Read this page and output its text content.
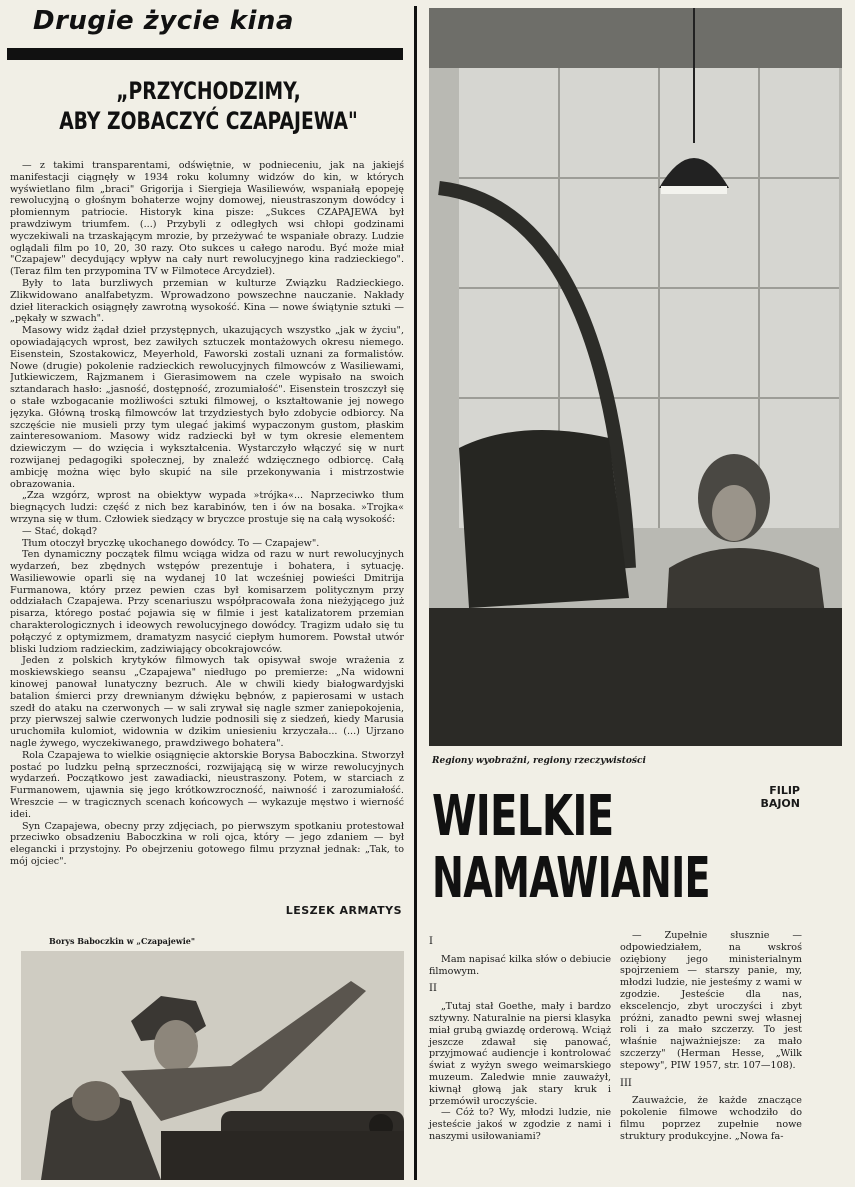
Drugie życie kina
„PRZYCHODZIMY,
ABY ZOBACZYĆ CZAPAJEWA"

— z takimi transparentami, odświętnie, w podnieceniu, jak na jakiejś manifestacji ciągnęły w 1934 roku kolumny widzów do kin, w których wyświetlano film „braci" Grigorija i Siergieja Wasiliewów, wspaniałą epopeję rewolucyjną o głośnym bohaterze wojny domowej, nieustraszonym dowódcy i płomiennym patriocie. Historyk kina pisze: „Sukces CZAPAJEWA był prawdziwym triumfem. (...) Przybyli z odległych wsi chłopi godzinami wyczekiwali na trzaskającym mrozie, by przeżywać te wspaniałe obrazy. Ludzie oglądali film po 10, 20, 30 razy. Oto sukces u całego narodu. Być może miał "Czapajew" decydujący wpływ na cały nurt rewolucyjnego kina radzieckiego". (Teraz film ten przypomina TV w Filmotece Arcydzieł).

Były to lata burzliwych przemian w kulturze Związku Radzieckiego. Zlikwidowano analfabetyzm. Wprowadzono powszechne nauczanie. Nakłady dzieł literackich osiągnęły zawrotną wysokość. Kina — nowe świątynie sztuki — „pękały w szwach".

Masowy widz żądał dzieł przystępnych, ukazujących wszystko „jak w życiu", opowiadających wprost, bez zawiłych sztuczek montażowych okresu niemego. Eisenstein, Szostakowicz, Meyerhold, Faworski zostali uznani za formalistów. Nowe (drugie) pokolenie radzieckich rewolucyjnych filmowców z Wasiliewami, Jutkiewiczem, Rajzmanem i Gierasimowem na czele wypisało na swoich sztandarach hasło: „jasność, dostępność, zrozumiałość". Eisenstein troszczył się o stałe wzbogacanie możliwości sztuki filmowej, o kształtowanie jej nowego języka. Główną troską filmowców lat trzydziestych było zdobycie odbiorcy. Na szczęście nie musieli przy tym ulegać jakimś wypaczonym gustom, płaskim zainteresowaniom. Masowy widz radziecki był w tym okresie elementem dziewiczym — do wzięcia i wykształcenia. Wystarczyło włączyć się w nurt rozwijanej pedagogiki społecznej, by znaleźć wdzięcznego odbiorcę. Całą ambicję można więc było skupić na sile przekonywania i mistrzostwie obrazowania.

„Zza wzgórz, wprost na obiektyw wypada »trójka«... Naprzeciwko tłum biegnących ludzi: część z nich bez karabinów, ten i ów na bosaka. »Trojka« wrzyna się w tłum. Człowiek siedzący w bryczce prostuje się na całą wysokość:

— Stać, dokąd?

Tłum otoczył bryczkę ukochanego dowódcy. To — Czapajew".

Ten dynamiczny początek filmu wciąga widza od razu w nurt rewolucyjnych wydarzeń, bez zbędnych wstępów prezentuje i bohatera, i sytuację. Wasiliewowie oparli się na wydanej 10 lat wcześniej powieści Dmitrija Furmanowa, który przez pewien czas był komisarzem politycznym przy oddziałach Czapajewa. Przy scenariuszu współpracowała żona nieżyjącego już pisarza, którego postać pojawia się w filmie i jest katalizatorem przemian charakterologicznych i ideowych rewolucyjnego dowódcy. Tragizm udało się tu połączyć z optymizmem, dramatyzm nasycić ciepłym humorem. Powstał utwór bliski ludziom radzieckim, zadziwiający obcokrajowców.

Jeden z polskich krytyków filmowych tak opisywał swoje wrażenia z moskiewskiego seansu „Czapajewa" niedługo po premierze: „Na widowni kinowej panował lunatyczny bezruch. Ale w chwili kiedy białogwardyjski batalion śmierci przy drewnianym dźwięku bębnów, z papierosami w ustach szedł do ataku na czerwonych — w sali zrywał się nagle szmer zaniepokojenia, przy pierwszej salwie czerwonych ludzie podnosili się z siedzeń, kiedy Marusia uruchomiła kulomiot, widownia w dzikim uniesieniu krzyczała... (...) Ujrzano nagle żywego, wyczekiwanego, prawdziwego bohatera".

Rola Czapajewa to wielkie osiągnięcie aktorskie Borysa Baboczkina. Stworzył postać po ludzku pełną sprzeczności, rozwijającą się w wirze rewolucyjnych wydarzeń. Początkowo jest zawadiacki, nieustraszony. Potem, w starciach z Furmanowem, ujawnia się jego krótkowzroczność, naiwność i zarozumiałość. Wreszcie — w tragicznych scenach końcowych — wykazuje męstwo i wierność idei.

Syn Czapajewa, obecny przy zdjęciach, po pierwszym spotkaniu protestował przeciwko obsadzeniu Baboczkina w roli ojca, który — jego zdaniem — był elegancki i przystojny. Po obejrzeniu gotowego filmu przyznał jednak: „Tak, to mój ojciec".

LESZEK ARMATYS
Borys Baboczkin w „Czapajewie"
Regiony wyobraźni, regiony rzeczywistości
FILIP
BAJON
WIELKIE
NAMAWIANIE

I

Mam napisać kilka słów o debiucie filmowym.

II

„Tutaj stał Goethe, mały i bardzo sztywny. Naturalnie na piersi klasyka miał grubą gwiazdę orderową. Wciąż jeszcze zdawał się panować, przyjmować audiencje i kontrolować świat z wyżyn swego weimarskiego muzeum. Zaledwie mnie zauważył, kiwnął głową jak stary kruk i przemówił uroczyście.

— Cóż to? Wy, młodzi ludzie, nie jesteście jakoś w zgodzie z nami i naszymi usiłowaniami?

— Zupełnie słusznie — odpowiedziałem, na wskroś oziębiony jego ministerialnym spojrzeniem — starszy panie, my, młodzi ludzie, nie jesteśmy z wami w zgodzie. Jesteście dla nas, ekscelencjo, zbyt uroczyści i zbyt próżni, zanadto pewni swej własnej roli i za mało szczerzy. To jest właśnie najważniejsze: za mało szczerzy" (Herman Hesse, „Wilk stepowy", PIW 1957, str. 107—108).

III

Zauważcie, że każde znaczące pokolenie filmowe wchodziło do filmu poprzez zupełnie nowe struktury produkcyjne. „Nowa fa-
